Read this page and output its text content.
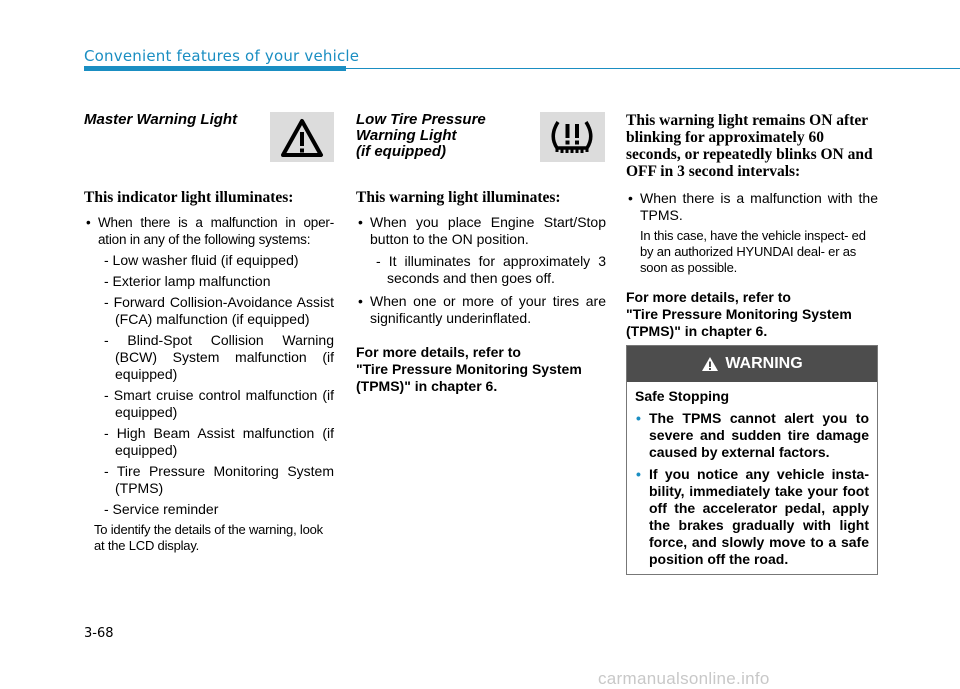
Convenient features of your vehicle

Master Warning Light

This indicator light illuminates:

• When there is a malfunction in oper- ation in any of the following systems:
- Low washer fluid (if equipped)
- Exterior lamp malfunction
- Forward Collision-Avoidance Assist (FCA) malfunction (if equipped)
- Blind-Spot Collision Warning (BCW) System malfunction (if equipped)
- Smart cruise control malfunction (if equipped)
- High Beam Assist malfunction (if equipped)
- Tire Pressure Monitoring System (TPMS)
- Service reminder
To identify the details of the warning, look at the LCD display.

Low Tire Pressure

Warning Light

(if equipped)

This warning light illuminates:

• When you place Engine Start/Stop button to the ON position.
- It illuminates for approximately 3 seconds and then goes off.
• When one or more of your tires are significantly underinflated.
For more details, refer to
"Tire Pressure Monitoring System (TPMS)" in chapter 6.

This warning light remains ON after blinking for approximately 60 seconds, or repeatedly blinks ON and OFF in 3 second intervals:

• When there is a malfunction with the TPMS.
In this case, have the vehicle inspect- ed by an authorized HYUNDAI deal- er as soon as possible.
For more details, refer to
"Tire Pressure Monitoring System (TPMS)" in chapter 6.
WARNING
Safe Stopping
• The TPMS cannot alert you to severe and sudden tire damage caused by external factors.
• If you notice any vehicle insta- bility, immediately take your foot off the accelerator pedal, apply the brakes gradually with light force, and slowly move to a safe position off the road.
3-68
carmanualsonline.info
